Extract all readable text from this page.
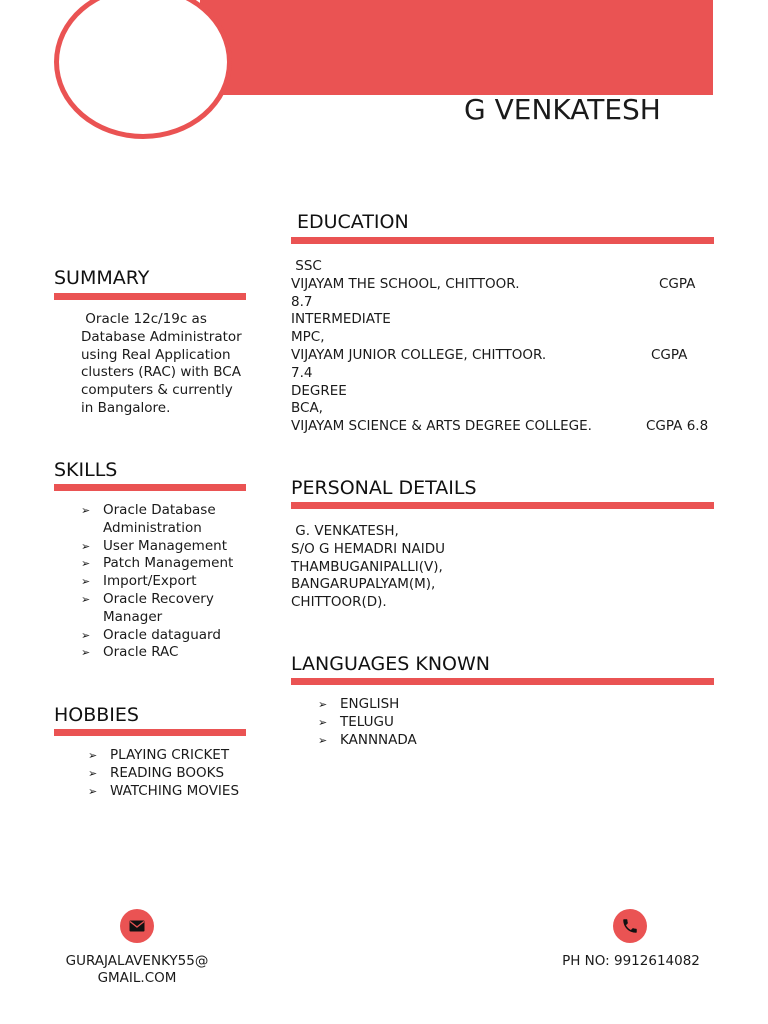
G VENKATESH
SUMMARY
Oracle 12c/19c as Database Administrator using Real Application clusters (RAC) with BCA computers & currently in Bangalore.
SKILLS
➢ Oracle Database Administration
➢ User Management
➢ Patch Management
➢ Import/Export
➢ Oracle Recovery Manager
➢ Oracle dataguard
➢ Oracle RAC
HOBBIES
➢ PLAYING CRICKET
➢ READING BOOKS
➢ WATCHING MOVIES
EDUCATION
SSC
VIJAYAM THE SCHOOL, CHITTOOR.	CGPA
8.7
INTERMEDIATE
MPC,
VIJAYAM JUNIOR COLLEGE, CHITTOOR.	CGPA
7.4
DEGREE
BCA,
VIJAYAM SCIENCE & ARTS DEGREE COLLEGE.	CGPA 6.8
PERSONAL DETAILS
G. VENKATESH,
S/O G HEMADRI NAIDU
THAMBUGANIPALLI(V),
BANGARUPALYAM(M),
CHITTOOR(D).
LANGUAGES KNOWN
➢ ENGLISH
➢ TELUGU
➢ KANNNADA
GURAJALAVENKY55@
GMAIL.COM
PH NO: 9912614082
